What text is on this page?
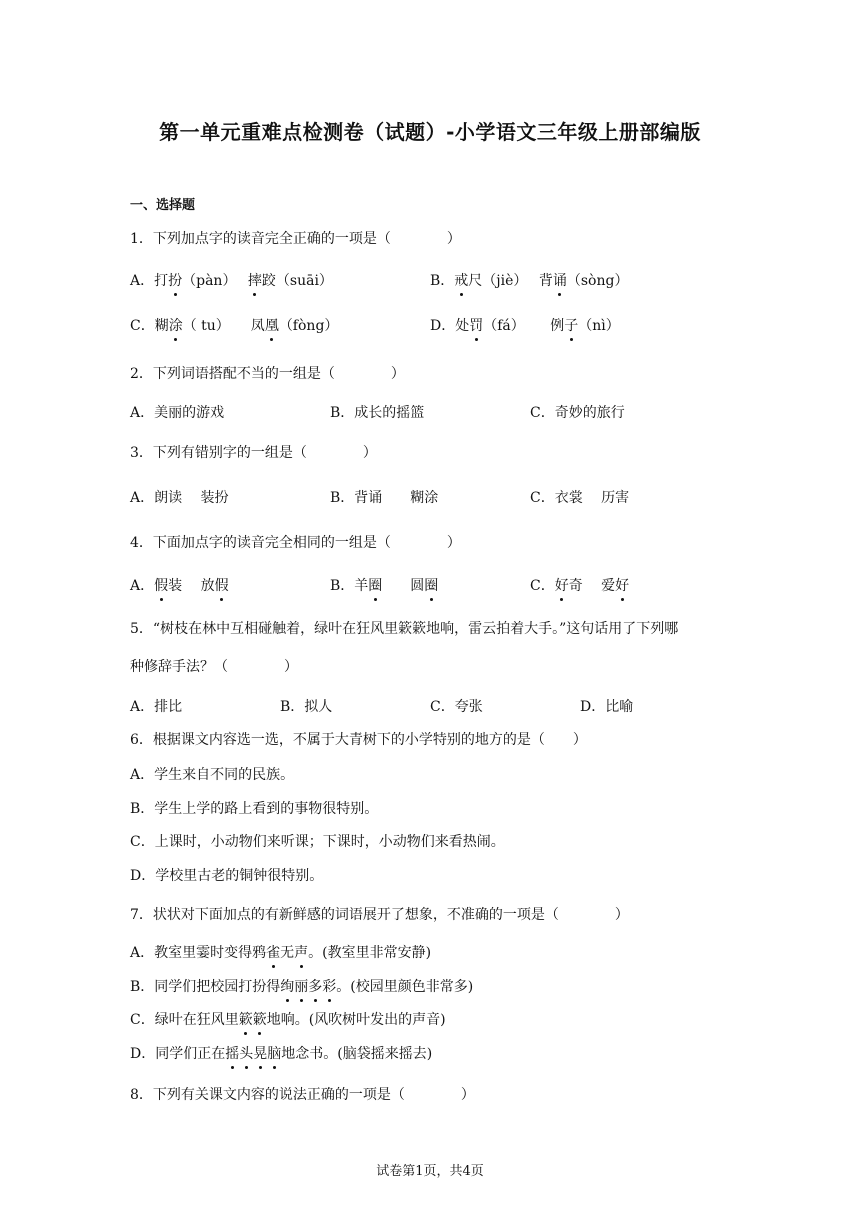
第一单元重难点检测卷（试题）-小学语文三年级上册部编版
一、选择题
1．下列加点字的读音完全正确的一项是（　　　　）
A．打扮（pàn）　 摔跤（suāi）	B．戒尺（jiè）　 背诵（sòng）
C．糊涂（ tu）　　凤凰（fòng）	D．处罚（fá）　　 例子（nì）
2．下列词语搭配不当的一组是（　　　　）
A．美丽的游戏	B．成长的摇篮	C．奇妙的旅行
3．下列有错别字的一组是（　　　　）
A．朗读　 装扮	B．背诵　　糊涂	C．衣裳　 历害
4．下面加点字的读音完全相同的一组是（　　　　）
A．假装　 放假	B．羊圈　　圆圈	C．好奇　 爱好
5．“树枝在林中互相碰触着，绿叶在狂风里簌簌地响，雷云拍着大手。”这句话用了下列哪
种修辞手法？（　　　　）
A．排比	B．拟人	C．夸张	D．比喻
6．根据课文内容选一选，不属于大青树下的小学特别的地方的是（　　）
A．学生来自不同的民族。
B．学生上学的路上看到的事物很特别。
C．上课时，小动物们来听课；下课时，小动物们来看热闹。
D．学校里古老的铜钟很特别。
7．状状对下面加点的有新鲜感的词语展开了想象，不准确的一项是（　　　　）
A．教室里霎时变得鸦雀无声。(教室里非常安静)
B．同学们把校园打扮得绚丽多彩。(校园里颜色非常多)
C．绿叶在狂风里簌簌地响。(风吹树叶发出的声音)
D．同学们正在摇头晃脑地念书。(脑袋摇来摇去)
8．下列有关课文内容的说法正确的一项是（　　　　）
试卷第1页，共4页
